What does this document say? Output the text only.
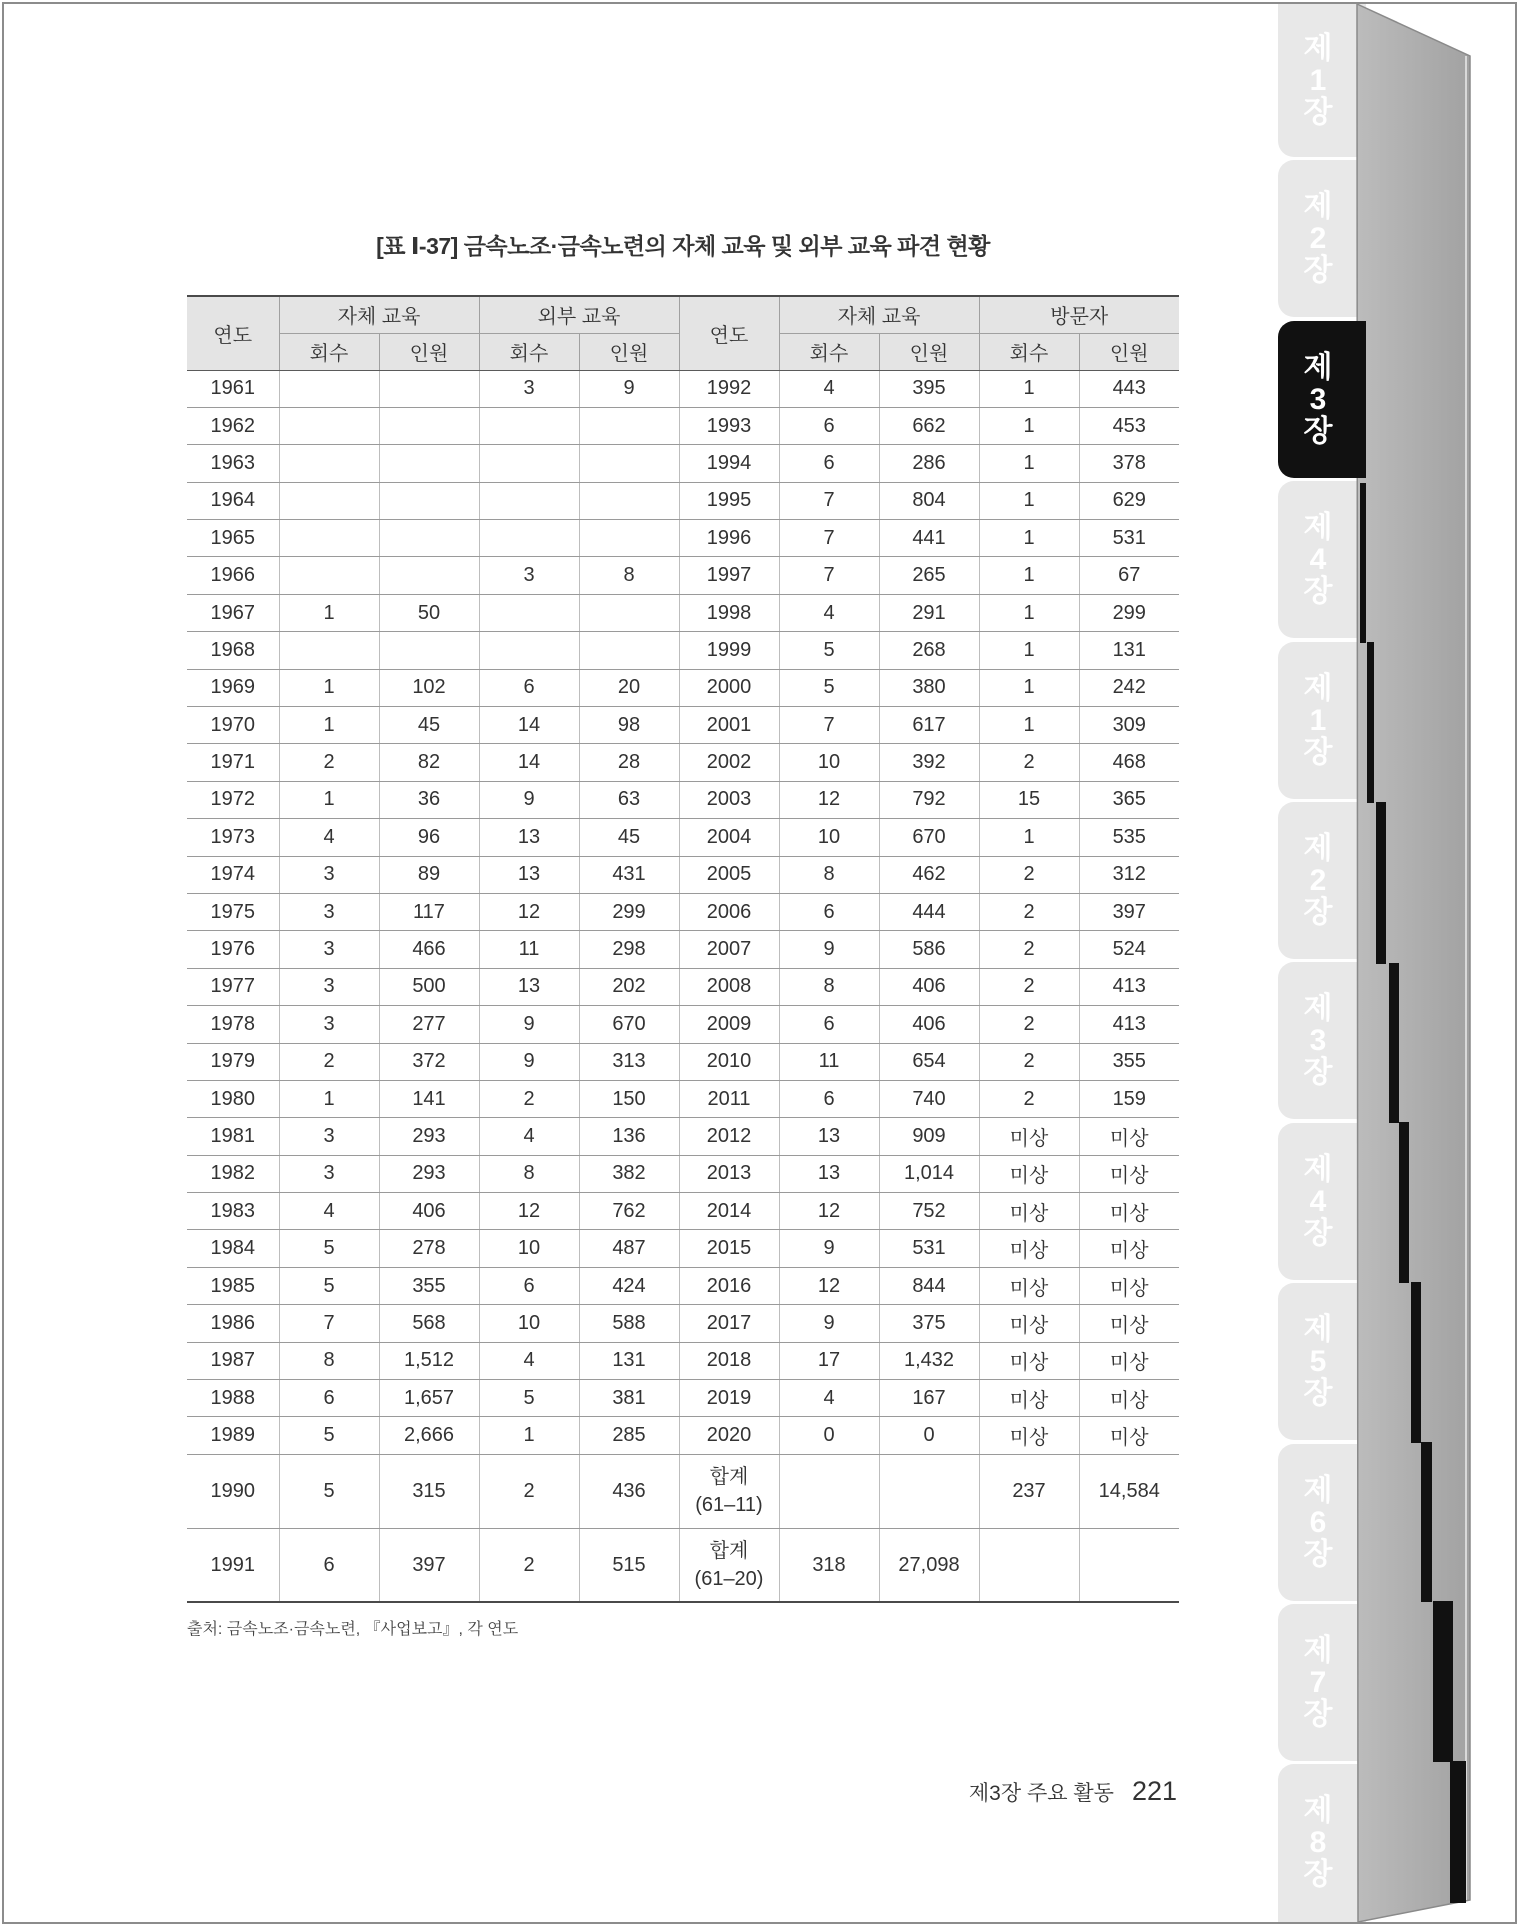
[표 Ⅰ-37] 금속노조·금속노련의 자체 교육 및 외부 교육 파견 현황
연도	자체 교육		외부 교육		연도	자체 교육		방문자	
	회수	인원	회수	인원		회수	인원	회수	인원
1961			3	9	1992	4	395	1	443
1962					1993	6	662	1	453
1963					1994	6	286	1	378
1964					1995	7	804	1	629
1965					1996	7	441	1	531
1966			3	8	1997	7	265	1	67
1967	1	50			1998	4	291	1	299
1968					1999	5	268	1	131
1969	1	102	6	20	2000	5	380	1	242
1970	1	45	14	98	2001	7	617	1	309
1971	2	82	14	28	2002	10	392	2	468
1972	1	36	9	63	2003	12	792	15	365
1973	4	96	13	45	2004	10	670	1	535
1974	3	89	13	431	2005	8	462	2	312
1975	3	117	12	299	2006	6	444	2	397
1976	3	466	11	298	2007	9	586	2	524
1977	3	500	13	202	2008	8	406	2	413
1978	3	277	9	670	2009	6	406	2	413
1979	2	372	9	313	2010	11	654	2	355
1980	1	141	2	150	2011	6	740	2	159
1981	3	293	4	136	2012	13	909	미상	미상
1982	3	293	8	382	2013	13	1,014	미상	미상
1983	4	406	12	762	2014	12	752	미상	미상
1984	5	278	10	487	2015	9	531	미상	미상
1985	5	355	6	424	2016	12	844	미상	미상
1986	7	568	10	588	2017	9	375	미상	미상
1987	8	1,512	4	131	2018	17	1,432	미상	미상
1988	6	1,657	5	381	2019	4	167	미상	미상
1989	5	2,666	1	285	2020	0	0	미상	미상
1990	5	315	2	436	합계
(61–11)			237	14,584
1991	6	397	2	515	합계
(61–20)	318	27,098		

출처: 금속노조·금속노련, 『사업보고』, 각 연도

제3장 주요 활동 221
제1장
제2장
제3장
제4장
제1장
제2장
제3장
제4장
제5장
제6장
제7장
제8장
